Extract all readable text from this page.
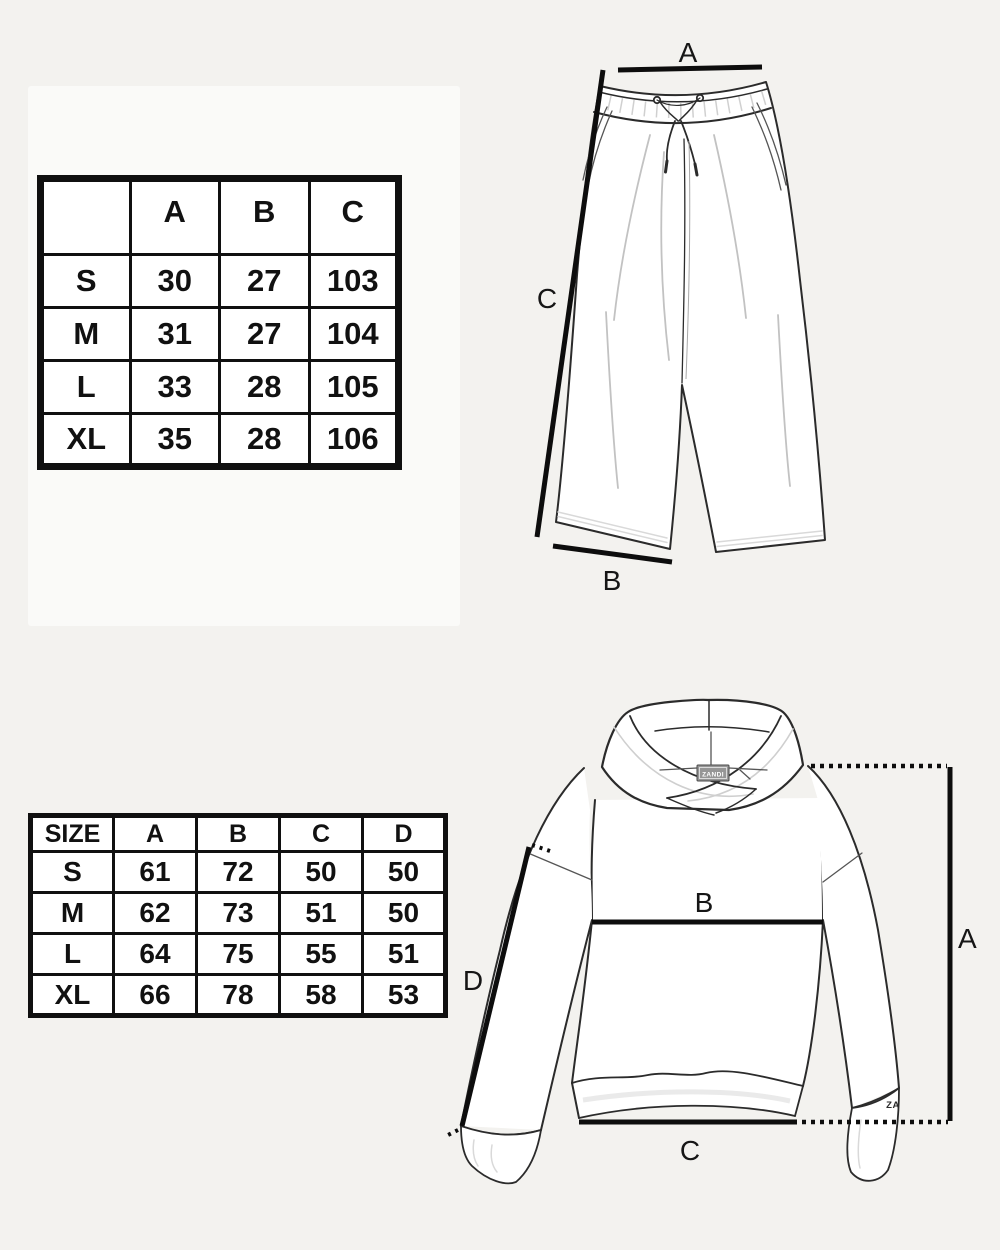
	A	B	C
S	30	27	103
M	31	27	104
L	33	28	105
XL	35	28	106
SIZE	A	B	C	D
S	61	72	50	50
M	62	73	51	50
L	64	75	55	51
XL	66	78	58	53
A
C
B
ZANDI
ZA
A
B
C
D
